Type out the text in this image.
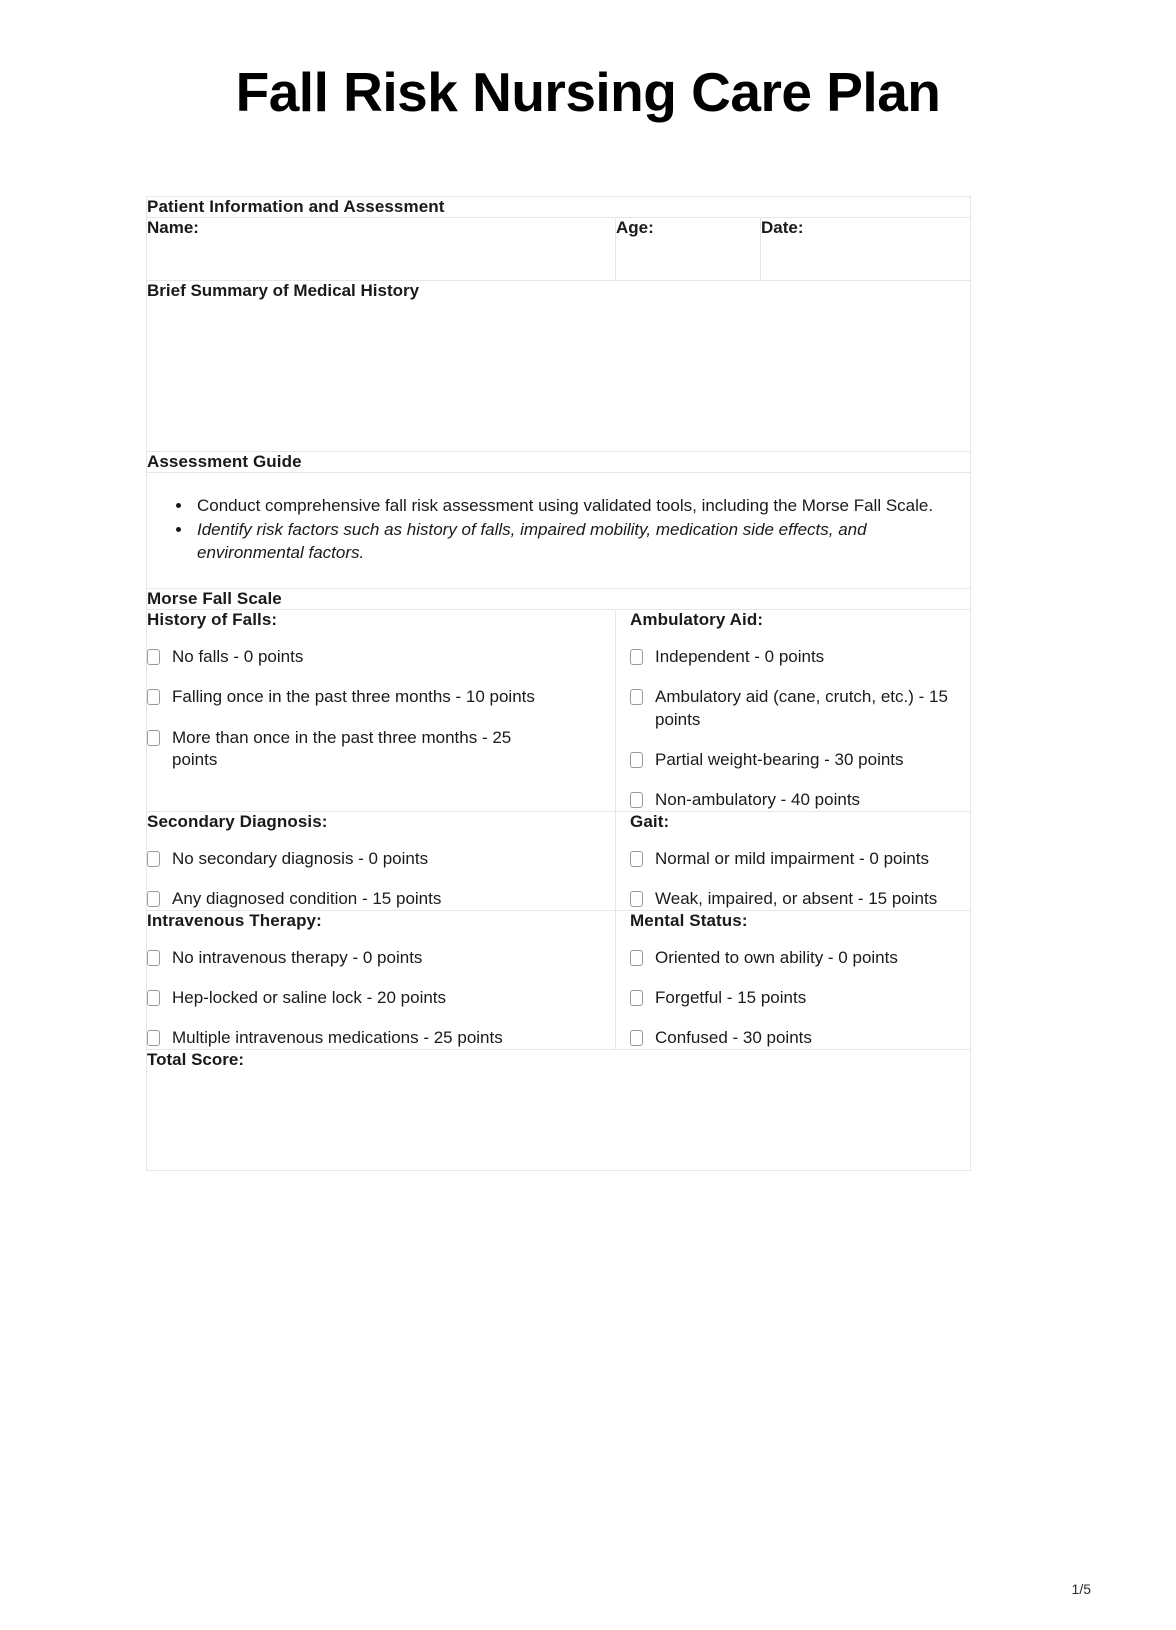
Fall Risk Nursing Care Plan
Patient Information and Assessment		
Name:	Age:	Date:
Brief Summary of Medical History		
Assessment Guide		

• Conduct comprehensive fall risk assessment using validated tools, including the Morse Fall Scale.
• Identify risk factors such as history of falls, impaired mobility, medication side effects, and environmental factors.

Morse Fall Scale		

History of Falls:
No falls - 0 points
Falling once in the past three months - 10 points
More than once in the past three months - 25 points

Ambulatory Aid:
Independent - 0 points
Ambulatory aid (cane, crutch, etc.) - 15 points
Partial weight-bearing - 30 points
Non-ambulatory - 40 points

Secondary Diagnosis:
No secondary diagnosis - 0 points
Any diagnosed condition - 15 points

Gait:
Normal or mild impairment - 0 points
Weak, impaired, or absent - 15 points

Intravenous Therapy:
No intravenous therapy - 0 points
Hep-locked or saline lock - 20 points
Multiple intravenous medications - 25 points

Mental Status:
Oriented to own ability - 0 points
Forgetful - 15 points
Confused - 30 points

Total Score:		
1/5
